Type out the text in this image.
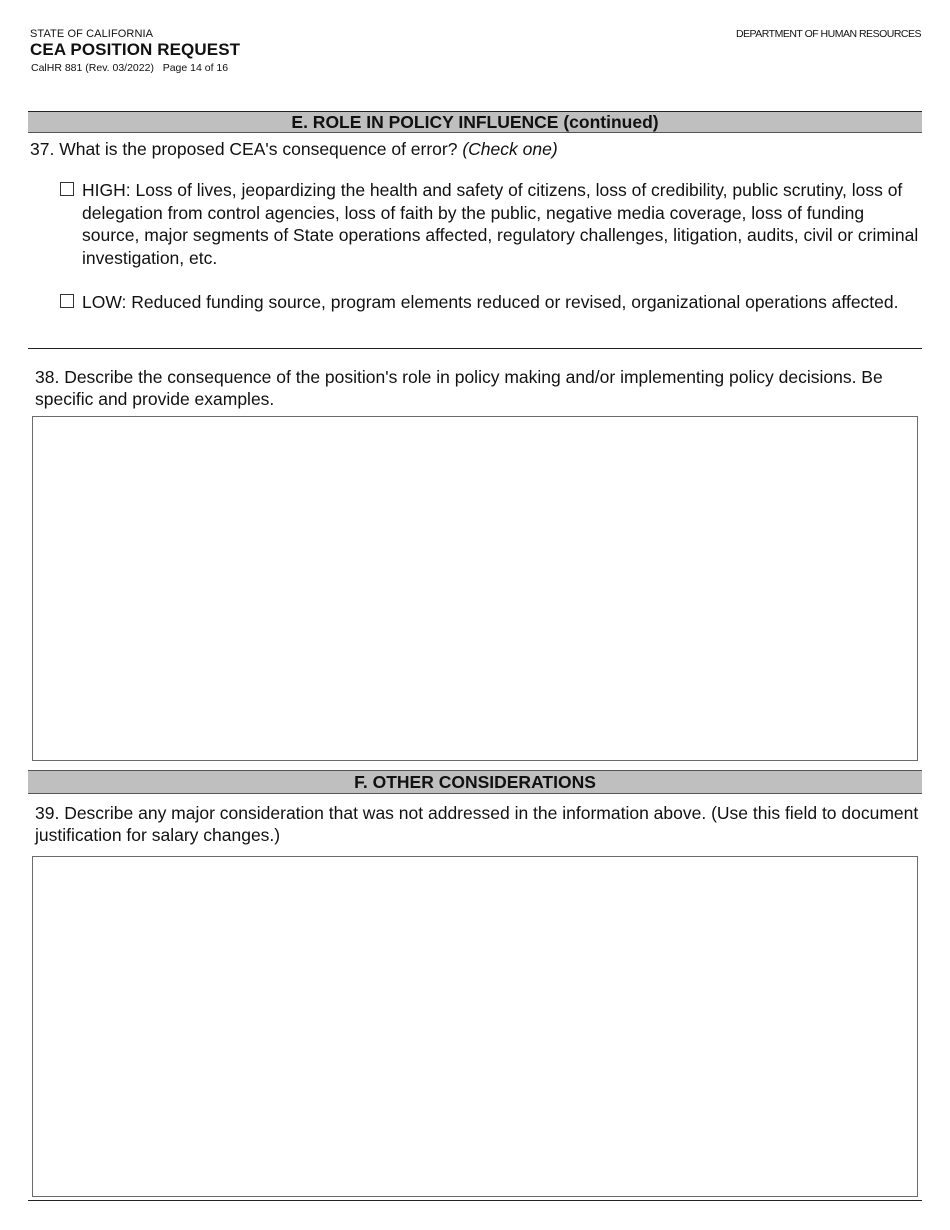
STATE OF CALIFORNIA
CEA POSITION REQUEST
CalHR 881 (Rev. 03/2022)   Page 14 of 16
DEPARTMENT OF HUMAN RESOURCES
E. ROLE IN POLICY INFLUENCE (continued)
37. What is the proposed CEA's consequence of error? (Check one)
HIGH: Loss of lives, jeopardizing the health and safety of citizens, loss of credibility, public scrutiny, loss of delegation from control agencies, loss of faith by the public, negative media coverage, loss of funding source, major segments of State operations affected, regulatory challenges, litigation, audits, civil or criminal investigation, etc.
LOW: Reduced funding source, program elements reduced or revised, organizational operations affected.
38. Describe the consequence of the position's role in policy making and/or implementing policy decisions. Be specific and provide examples.
F. OTHER CONSIDERATIONS
39. Describe any major consideration that was not addressed in the information above. (Use this field to document justification for salary changes.)
